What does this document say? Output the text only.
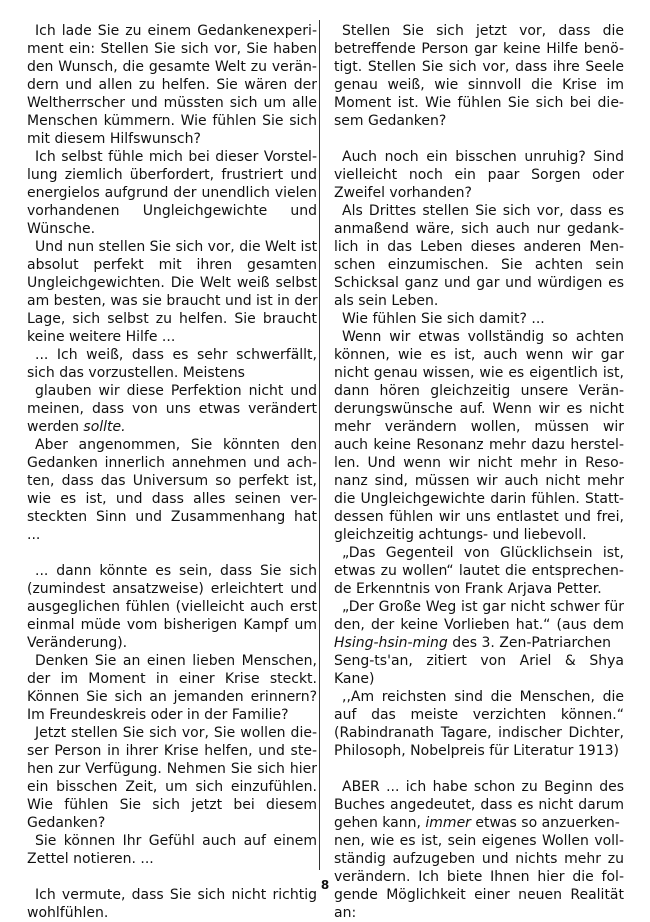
Ich lade Sie zu einem Gedankenexperi-
ment ein: Stellen Sie sich vor, Sie haben
den Wunsch, die gesamte Welt zu verän-
dern und allen zu helfen. Sie wären der
Weltherrscher und müssten sich um alle
Menschen kümmern. Wie fühlen Sie sich
mit diesem Hilfswunsch?
Ich selbst fühle mich bei dieser Vorstel-
lung ziemlich überfordert, frustriert und
energielos aufgrund der unendlich vielen
vorhandenen Ungleichgewichte und
Wünsche.
Und nun stellen Sie sich vor, die Welt ist
absolut perfekt mit ihren gesamten
Ungleichgewichten. Die Welt weiß selbst
am besten, was sie braucht und ist in der
Lage, sich selbst zu helfen. Sie braucht
keine weitere Hilfe ...
... Ich weiß, dass es sehr schwerfällt,
sich das vorzustellen. Meistens
glauben wir diese Perfektion nicht und
meinen, dass von uns etwas verändert
werden sollte.
Aber angenommen, Sie könnten den
Gedanken innerlich annehmen und ach-
ten, dass das Universum so perfekt ist,
wie es ist, und dass alles seinen ver-
steckten Sinn und Zusammenhang hat
...
... dann könnte es sein, dass Sie sich
(zumindest ansatzweise) erleichtert und
ausgeglichen fühlen (vielleicht auch erst
einmal müde vom bisherigen Kampf um
Veränderung).
Denken Sie an einen lieben Menschen,
der im Moment in einer Krise steckt.
Können Sie sich an jemanden erinnern?
Im Freundeskreis oder in der Familie?
Jetzt stellen Sie sich vor, Sie wollen die-
ser Person in ihrer Krise helfen, und ste-
hen zur Verfügung. Nehmen Sie sich hier
ein bisschen Zeit, um sich einzufühlen.
Wie fühlen Sie sich jetzt bei diesem
Gedanken?
Sie können Ihr Gefühl auch auf einem
Zettel notieren. ...
Ich vermute, dass Sie sich nicht richtig
wohlfühlen.
Stellen Sie sich jetzt vor, dass die
betreffende Person gar keine Hilfe benö-
tigt. Stellen Sie sich vor, dass ihre Seele
genau weiß, wie sinnvoll die Krise im
Moment ist. Wie fühlen Sie sich bei die-
sem Gedanken?
Auch noch ein bisschen unruhig? Sind
vielleicht noch ein paar Sorgen oder
Zweifel vorhanden?
Als Drittes stellen Sie sich vor, dass es
anmaßend wäre, sich auch nur gedank-
lich in das Leben dieses anderen Men-
schen einzumischen. Sie achten sein
Schicksal ganz und gar und würdigen es
als sein Leben.
Wie fühlen Sie sich damit? ...
Wenn wir etwas vollständig so achten
können, wie es ist, auch wenn wir gar
nicht genau wissen, wie es eigentlich ist,
dann hören gleichzeitig unsere Verän-
derungswünsche auf. Wenn wir es nicht
mehr verändern wollen, müssen wir
auch keine Resonanz mehr dazu herstel-
len. Und wenn wir nicht mehr in Reso-
nanz sind, müssen wir auch nicht mehr
die Ungleichgewichte darin fühlen. Statt-
dessen fühlen wir uns entlastet und frei,
gleichzeitig achtungs- und liebevoll.
„Das Gegenteil von Glücklichsein ist,
etwas zu wollen“ lautet die entsprechen-
de Erkenntnis von Frank Arjava Petter.
„Der Große Weg ist gar nicht schwer für
den, der keine Vorlieben hat.“ (aus dem
Hsing-hsin-ming des 3. Zen-Patriarchen
Seng-ts'an, zitiert von Ariel & Shya
Kane)
,,Am reichsten sind die Menschen, die
auf das meiste verzichten können.“
(Rabindranath Tagare, indischer Dichter,
Philosoph, Nobelpreis für Literatur 1913)
ABER ... ich habe schon zu Beginn des
Buches angedeutet, dass es nicht darum
gehen kann, immer etwas so anzuerken-
nen, wie es ist, sein eigenes Wollen voll-
ständig aufzugeben und nichts mehr zu
verändern. Ich biete Ihnen hier die fol-
gende Möglichkeit einer neuen Realität
an:
8
